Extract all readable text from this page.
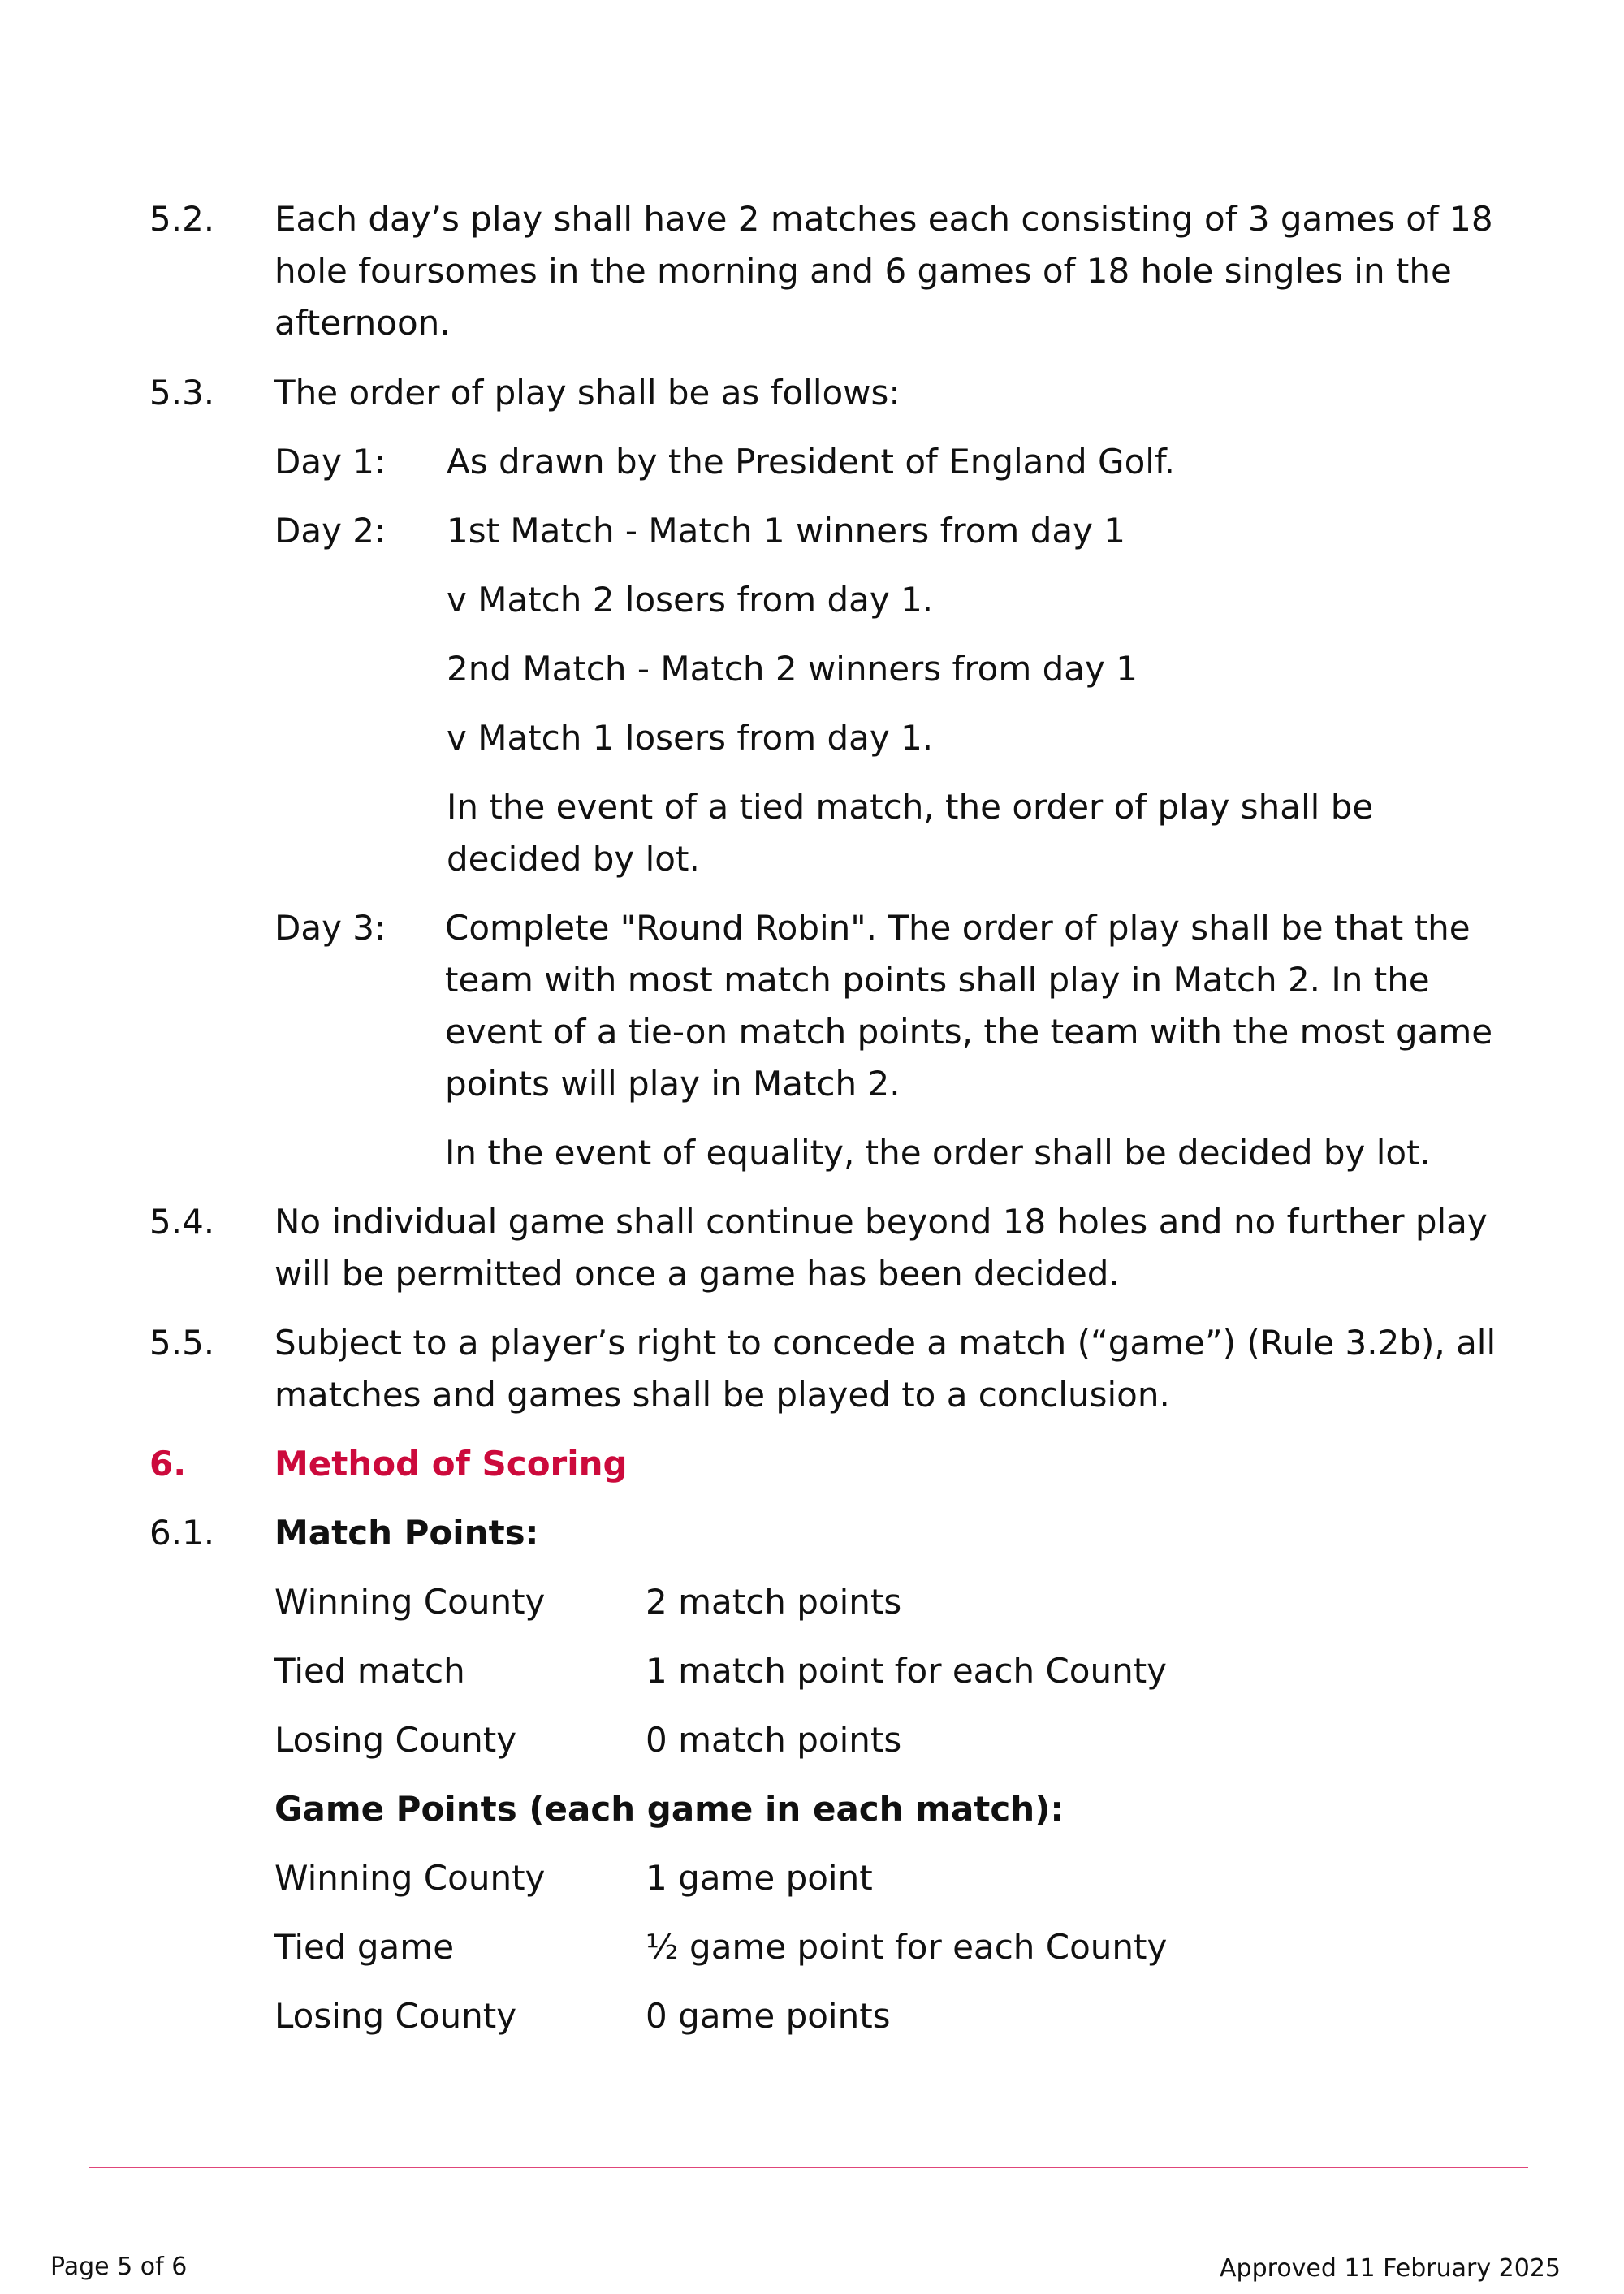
5.2. Each day’s play shall have 2 matches each consisting of 3 games of 18
hole foursomes in the morning and 6 games of 18 hole singles in the
afternoon.
5.3. The order of play shall be as follows:
Day 1: As drawn by the President of England Golf.
Day 2: 1st Match - Match 1 winners from day 1
v Match 2 losers from day 1.
2nd Match - Match 2 winners from day 1
v Match 1 losers from day 1.
In the event of a tied match, the order of play shall be
decided by lot.
Day 3: Complete "Round Robin". The order of play shall be that the
team with most match points shall play in Match 2. In the
event of a tie-on match points, the team with the most game
points will play in Match 2.
In the event of equality, the order shall be decided by lot.
5.4. No individual game shall continue beyond 18 holes and no further play
will be permitted once a game has been decided.
5.5. Subject to a player’s right to concede a match (“game”) (Rule 3.2b), all
matches and games shall be played to a conclusion.
6.	Method of Scoring
6.1. Match Points:
Winning County	2 match points
Tied match	1 match point for each County
Losing County	0 match points
Game Points (each game in each match):
Winning County	1 game point
Tied game	½ game point for each County
Losing County	0 game points
Page 5 of 6	Approved 11 February 2025
